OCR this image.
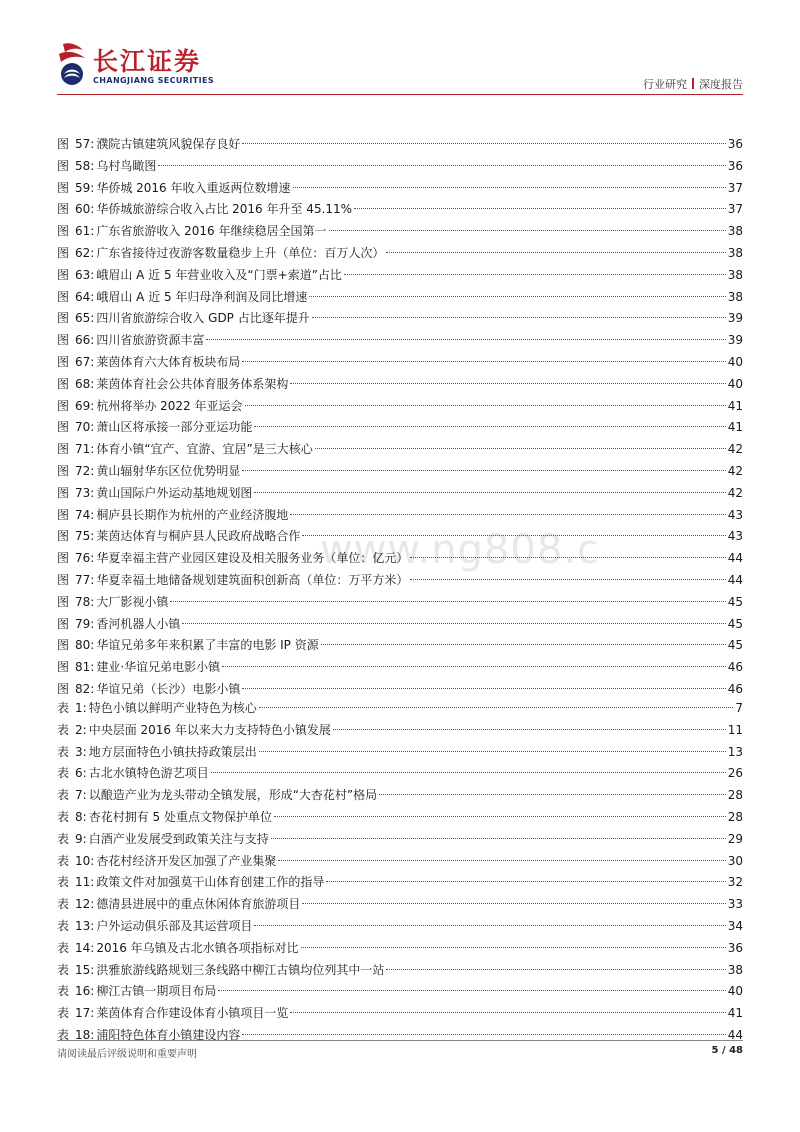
长江证券
CHANGJIANG SECURITIES	行业研究 深度报告
www.ng808.c
图 57: 濮院古镇建筑风貌保存良好	36
图 58: 乌村鸟瞰图	36
图 59: 华侨城 2016 年收入重返两位数增速	37
图 60: 华侨城旅游综合收入占比 2016 年升至 45.11%	37
图 61: 广东省旅游收入 2016 年继续稳居全国第一	38
图 62: 广东省接待过夜游客数量稳步上升（单位：百万人次）	38
图 63: 峨眉山 A 近 5 年营业收入及“门票+索道”占比	38
图 64: 峨眉山 A 近 5 年归母净利润及同比增速	38
图 65: 四川省旅游综合收入 GDP 占比逐年提升	39
图 66: 四川省旅游资源丰富	39
图 67: 莱茵体育六大体育板块布局	40
图 68: 莱茵体育社会公共体育服务体系架构	40
图 69: 杭州将举办 2022 年亚运会	41
图 70: 萧山区将承接一部分亚运功能	41
图 71: 体育小镇“宜产、宜游、宜居”是三大核心	42
图 72: 黄山辐射华东区位优势明显	42
图 73: 黄山国际户外运动基地规划图	42
图 74: 桐庐县长期作为杭州的产业经济腹地	43
图 75: 莱茵达体育与桐庐县人民政府战略合作	43
图 76: 华夏幸福主营产业园区建设及相关服务业务（单位：亿元）	44
图 77: 华夏幸福土地储备规划建筑面积创新高（单位：万平方米）	44
图 78: 大厂影视小镇	45
图 79: 香河机器人小镇	45
图 80: 华谊兄弟多年来积累了丰富的电影 IP 资源	45
图 81: 建业·华谊兄弟电影小镇	46
图 82: 华谊兄弟（长沙）电影小镇	46
表 1: 特色小镇以鲜明产业特色为核心	7
表 2: 中央层面 2016 年以来大力支持特色小镇发展	11
表 3: 地方层面特色小镇扶持政策层出	13
表 6: 古北水镇特色游艺项目	26
表 7: 以酿造产业为龙头带动全镇发展，形成“大杏花村”格局	28
表 8: 杏花村拥有 5 处重点文物保护单位	28
表 9: 白酒产业发展受到政策关注与支持	29
表 10: 杏花村经济开发区加强了产业集聚	30
表 11: 政策文件对加强莫干山体育创建工作的指导	32
表 12: 德清县进展中的重点休闲体育旅游项目	33
表 13: 户外运动俱乐部及其运营项目	34
表 14: 2016 年乌镇及古北水镇各项指标对比	36
表 15: 洪雅旅游线路规划三条线路中柳江古镇均位列其中一站	38
表 16: 柳江古镇一期项目布局	40
表 17: 莱茵体育合作建设体育小镇项目一览	41
表 18: 浦阳特色体育小镇建设内容	44
请阅读最后评级说明和重要声明	5 / 48
